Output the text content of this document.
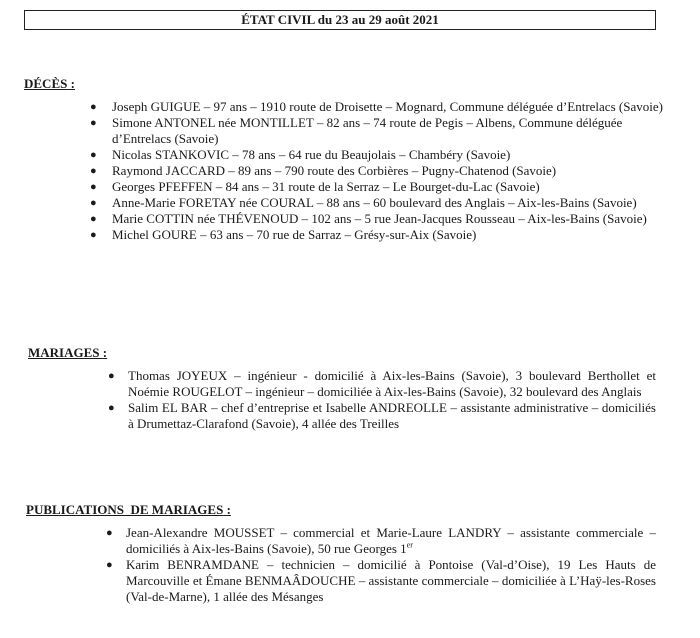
ÉTAT CIVIL du 23 au 29 août 2021

DÉCÈS :

● Joseph GUIGUE – 97 ans – 1910 route de Droisette – Mognard, Commune déléguée d’Entrelacs (Savoie)
● Simone ANTONEL née MONTILLET – 82 ans – 74 route de Pegis – Albens, Commune déléguée d’Entrelacs (Savoie)
● Nicolas STANKOVIC – 78 ans – 64 rue du Beaujolais – Chambéry (Savoie)
● Raymond JACCARD – 89 ans – 790 route des Corbières – Pugny-Chatenod (Savoie)
● Georges PFEFFEN – 84 ans – 31 route de la Serraz – Le Bourget-du-Lac (Savoie)
● Anne-Marie FORETAY née COURAL – 88 ans – 60 boulevard des Anglais – Aix-les-Bains (Savoie)
● Marie COTTIN née THÉVENOUD – 102 ans – 5 rue Jean-Jacques Rousseau – Aix-les-Bains (Savoie)
● Michel GOURE – 63 ans – 70 rue de Sarraz – Grésy-sur-Aix (Savoie)

MARIAGES :

● Thomas JOYEUX – ingénieur - domicilié à Aix-les-Bains (Savoie), 3 boulevard Berthollet et Noémie ROUGELOT – ingénieur – domiciliée à Aix-les-Bains (Savoie), 32 boulevard des Anglais
● Salim EL BAR – chef d’entreprise et Isabelle ANDREOLLE – assistante administrative – domiciliés à Drumettaz-Clarafond (Savoie), 4 allée des Treilles

PUBLICATIONS  DE MARIAGES :

● Jean-Alexandre MOUSSET – commercial et Marie-Laure LANDRY – assistante commerciale – domiciliés à Aix-les-Bains (Savoie), 50 rue Georges 1er
● Karim BENRAMDANE – technicien – domicilié à Pontoise (Val-d’Oise), 19 Les Hauts de Marcouville et Émane BENMAÂDOUCHE – assistante commerciale – domiciliée à L’Haÿ-les-Roses (Val-de-Marne), 1 allée des Mésanges
